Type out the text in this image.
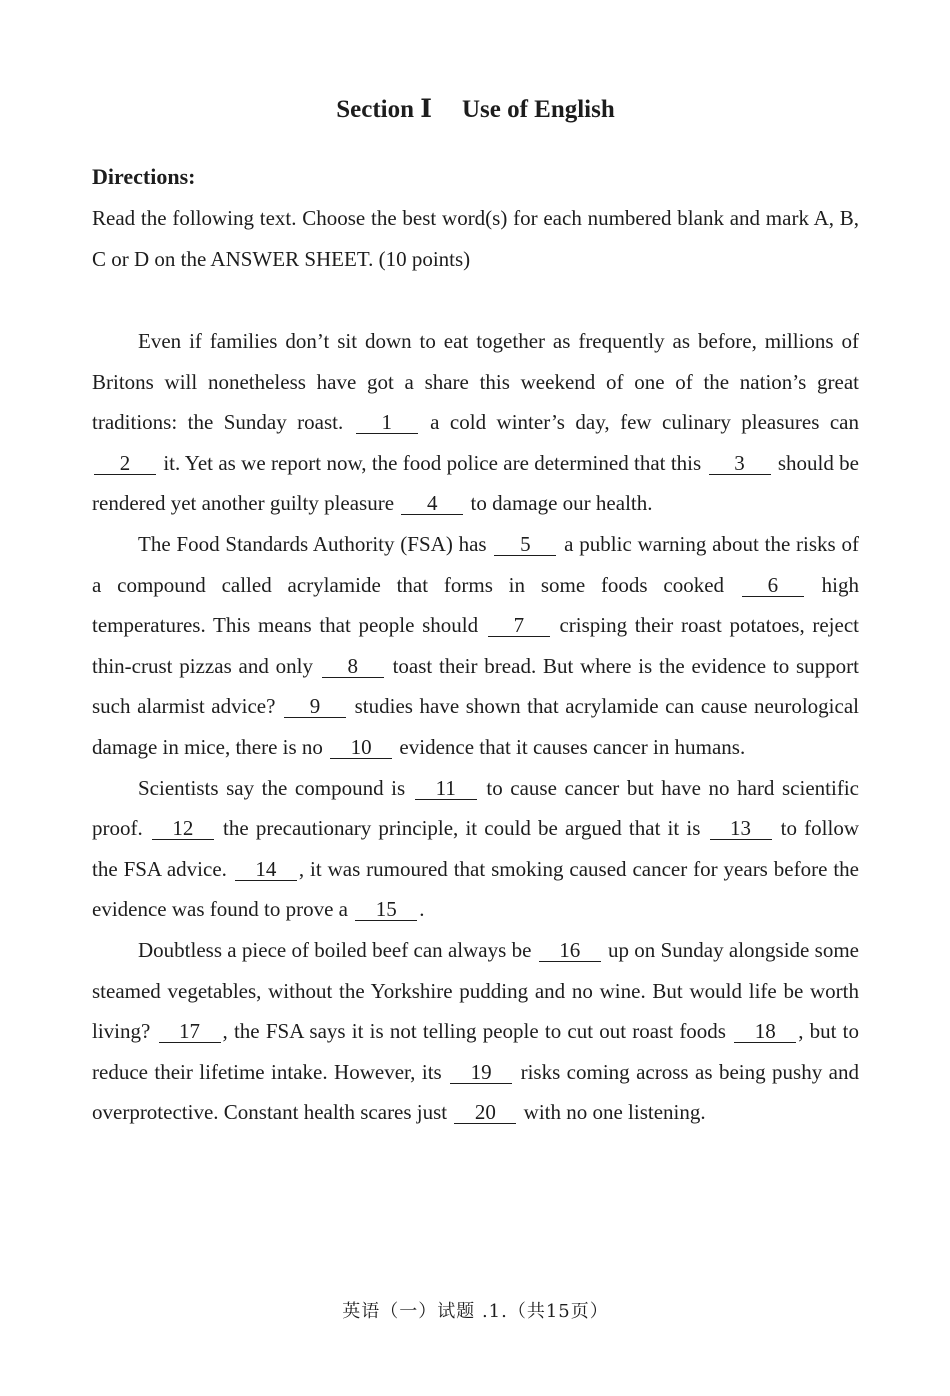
Section Ⅰ Use of English
Directions:

Read the following text. Choose the best word(s) for each numbered blank and mark A, B, C or D on the ANSWER SHEET. (10 points)

Even if families don’t sit down to eat together as frequently as before, millions of Britons will nonetheless have got a share this weekend of one of the nation’s great traditions: the Sunday roast. 1 a cold winter’s day, few culinary pleasures can 2 it. Yet as we report now, the food police are determined that this 3 should be rendered yet another guilty pleasure 4 to damage our health.

The Food Standards Authority (FSA) has 5 a public warning about the risks of a compound called acrylamide that forms in some foods cooked 6 high temperatures. This means that people should 7 crisping their roast potatoes, reject thin-crust pizzas and only 8 toast their bread. But where is the evidence to support such alarmist advice? 9 studies have shown that acrylamide can cause neurological damage in mice, there is no 10 evidence that it causes cancer in humans.

Scientists say the compound is 11 to cause cancer but have no hard scientific proof. 12 the precautionary principle, it could be argued that it is 13 to follow the FSA advice. 14 , it was rumoured that smoking caused cancer for years before the evidence was found to prove a 15 .

Doubtless a piece of boiled beef can always be 16 up on Sunday alongside some steamed vegetables, without the Yorkshire pudding and no wine. But would life be worth living? 17 , the FSA says it is not telling people to cut out roast foods 18 , but to reduce their lifetime intake. However, its 19 risks coming across as being pushy and overprotective. Constant health scares just 20 with no one listening.

英语（一）试题 .1.（共15页）
